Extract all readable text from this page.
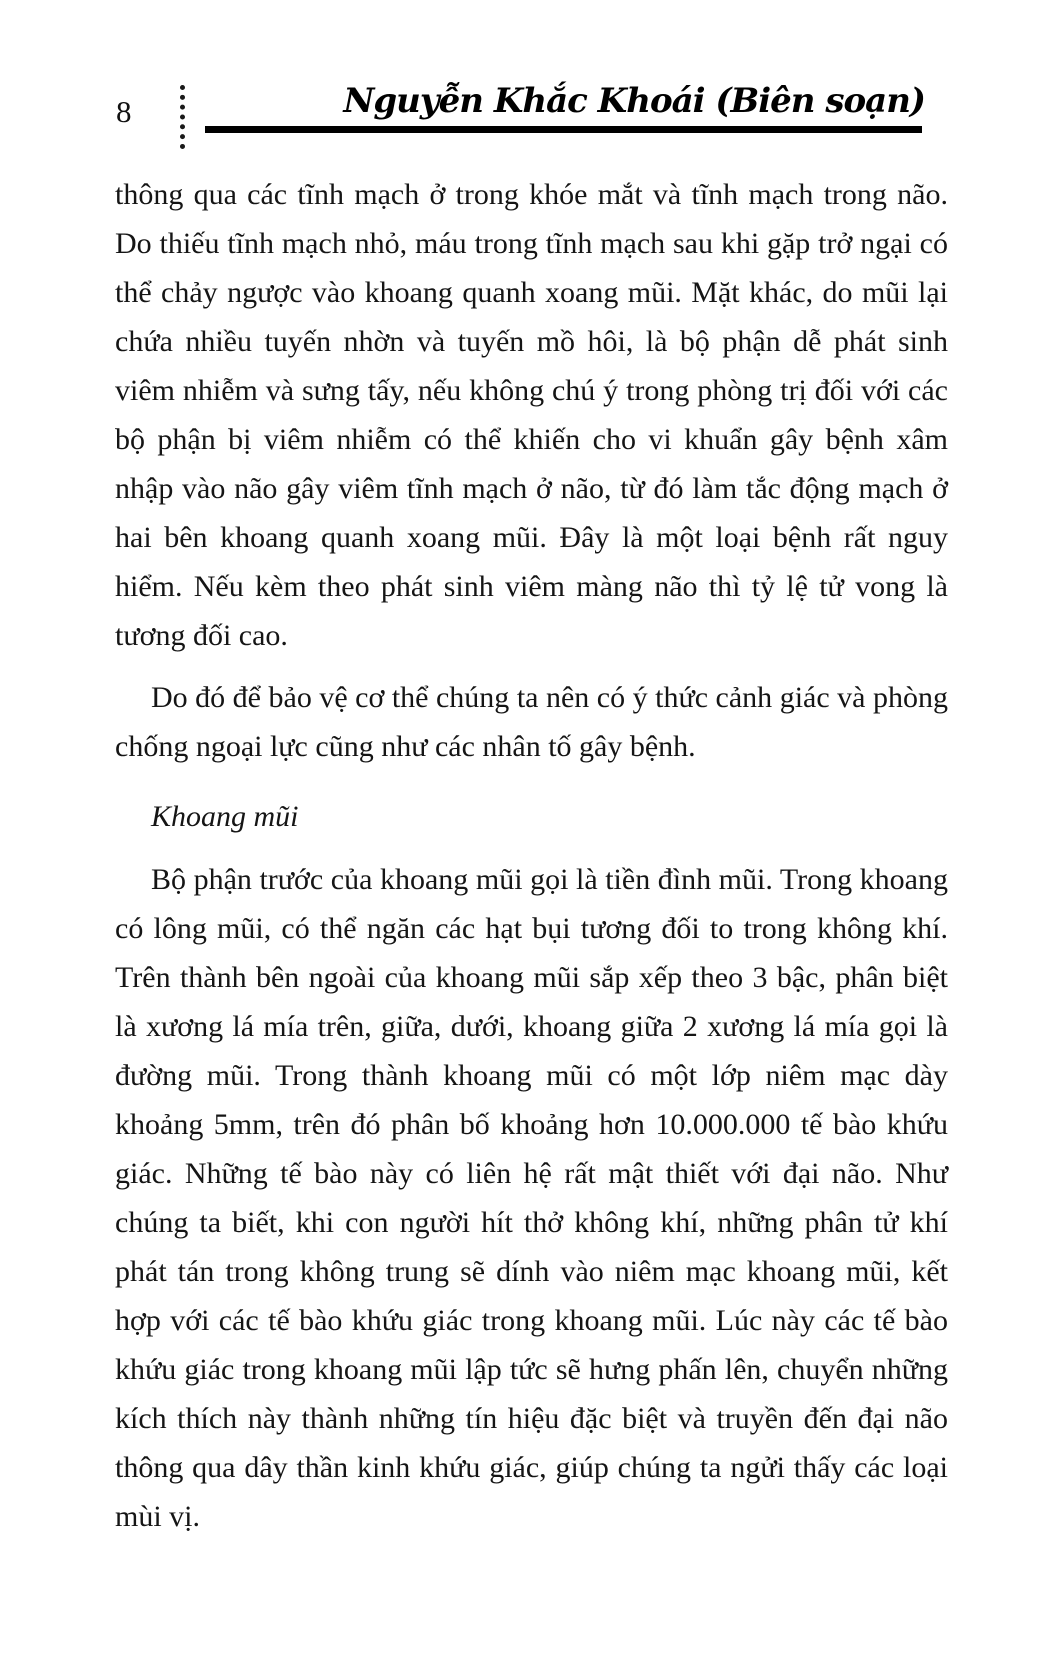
8	Nguyễn Khắc Khoái (Biên soạn)

thông qua các tĩnh mạch ở trong khóe mắt và tĩnh mạch trong não. Do thiếu tĩnh mạch nhỏ, máu trong tĩnh mạch sau khi gặp trở ngại có thể chảy ngược vào khoang quanh xoang mũi. Mặt khác, do mũi lại chứa nhiều tuyến nhờn và tuyến mồ hôi, là bộ phận dễ phát sinh viêm nhiễm và sưng tấy, nếu không chú ý trong phòng trị đối với các bộ phận bị viêm nhiễm có thể khiến cho vi khuẩn gây bệnh xâm nhập vào não gây viêm tĩnh mạch ở não, từ đó làm tắc động mạch ở hai bên khoang quanh xoang mũi. Đây là một loại bệnh rất nguy hiểm. Nếu kèm theo phát sinh viêm màng não thì tỷ lệ tử vong là tương đối cao.

Do đó để bảo vệ cơ thể chúng ta nên có ý thức cảnh giác và phòng chống ngoại lực cũng như các nhân tố gây bệnh.

Khoang mũi

Bộ phận trước của khoang mũi gọi là tiền đình mũi. Trong khoang có lông mũi, có thể ngăn các hạt bụi tương đối to trong không khí. Trên thành bên ngoài của khoang mũi sắp xếp theo 3 bậc, phân biệt là xương lá mía trên, giữa, dưới, khoang giữa 2 xương lá mía gọi là đường mũi. Trong thành khoang mũi có một lớp niêm mạc dày khoảng 5mm, trên đó phân bố khoảng hơn 10.000.000 tế bào khứu giác. Những tế bào này có liên hệ rất mật thiết với đại não. Như chúng ta biết, khi con người hít thở không khí, những phân tử khí phát tán trong không trung sẽ dính vào niêm mạc khoang mũi, kết hợp với các tế bào khứu giác trong khoang mũi. Lúc này các tế bào khứu giác trong khoang mũi lập tức sẽ hưng phấn lên, chuyển những kích thích này thành những tín hiệu đặc biệt và truyền đến đại não thông qua dây thần kinh khứu giác, giúp chúng ta ngửi thấy các loại mùi vị.
